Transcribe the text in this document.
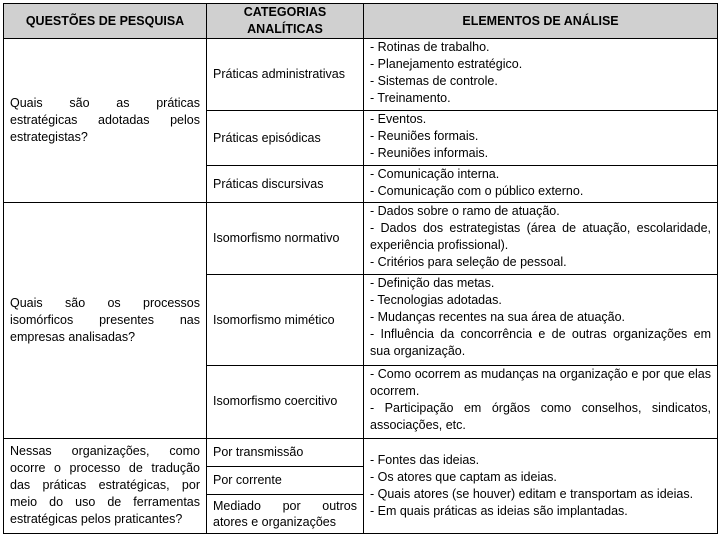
QUESTÕES DE PESQUISA	CATEGORIAS ANALÍTICAS	ELEMENTOS DE ANÁLISE
Quais são as práticas estratégicas adotadas pelos estrategistas?	Práticas administrativas	- Rotinas de trabalho.
- Planejamento estratégico.
- Sistemas de controle.
- Treinamento.

	Práticas episódicas	- Eventos.
- Reuniões formais.
- Reuniões informais.

	Práticas discursivas	- Comunicação interna.
- Comunicação com o público externo.

Quais são os processos isomórficos presentes nas empresas analisadas?	Isomorfismo normativo	- Dados sobre o ramo de atuação.
- Dados dos estrategistas (área de atuação, escolaridade, experiência profissional).
- Critérios para seleção de pessoal.

	Isomorfismo mimético	- Definição das metas.
- Tecnologias adotadas.
- Mudanças recentes na sua área de atuação.
- Influência da concorrência e de outras organizações em sua organização.

	Isomorfismo coercitivo	- Como ocorrem as mudanças na organização e por que elas ocorrem.
- Participação em órgãos como conselhos, sindicatos, associações, etc.

Nessas organizações, como ocorre o processo de tradução das práticas estratégicas, por meio do uso de ferramentas estratégicas pelos praticantes?	Por transmissão	- Fontes das ideias.
- Os atores que captam as ideias.
- Quais atores (se houver) editam e transportam as ideias.
- Em quais práticas as ideias são implantadas.

	Por corrente	
	Mediado por outros atores e organizações	
